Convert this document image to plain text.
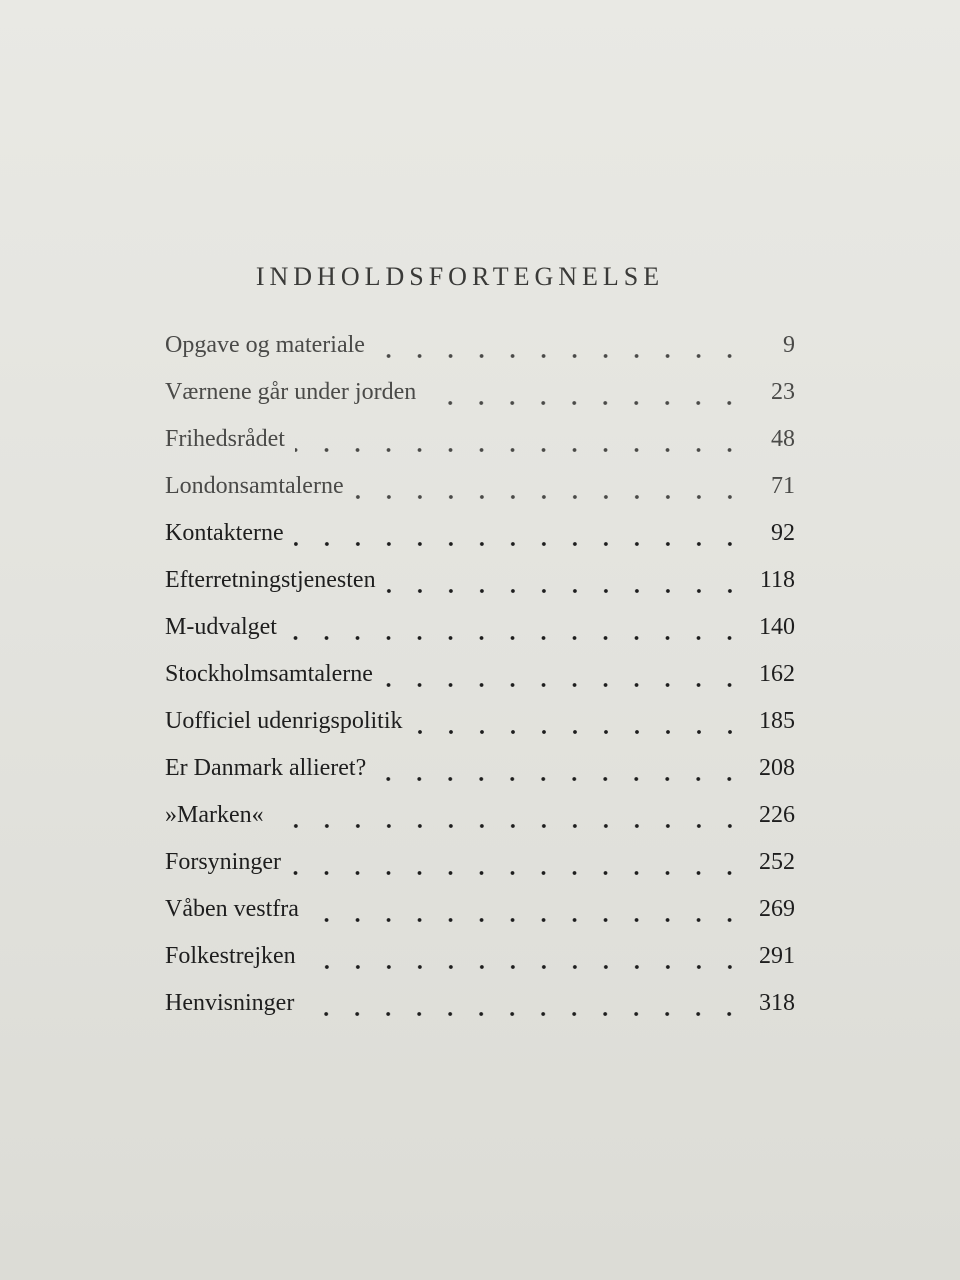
INDHOLDSFORTEGNELSE
Opgave og materiale	9
Værnene går under jorden	23
Frihedsrådet	48
Londonsamtalerne	71
Kontakterne	92
Efterretningstjenesten	118
M-udvalget	140
Stockholmsamtalerne	162
Uofficiel udenrigspolitik	185
Er Danmark allieret?	208
»Marken«	226
Forsyninger	252
Våben vestfra	269
Folkestrejken	291
Henvisninger	318
